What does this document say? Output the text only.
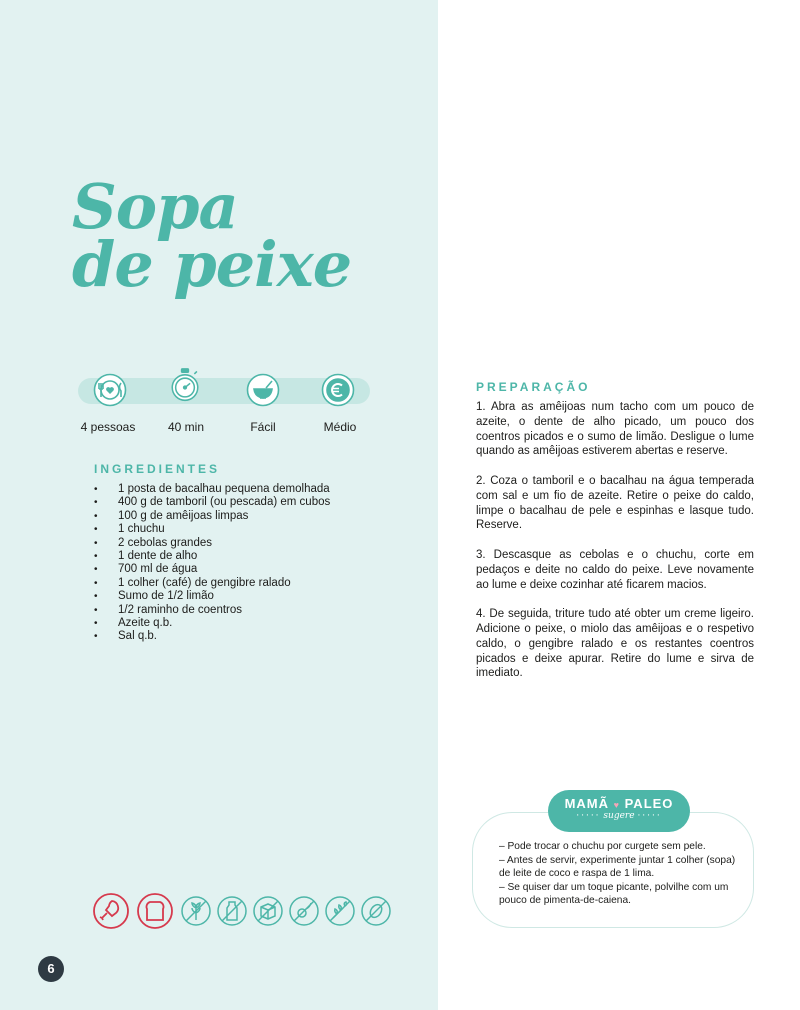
Sopa
de peixe
4 pessoas	40 min	Fácil	Médio
INGREDIENTES
• 1 posta de bacalhau pequena demolhada
• 400 g de tamboril (ou pescada) em cubos
• 100 g de amêijoas limpas
• 1 chuchu
• 2 cebolas grandes
• 1 dente de alho
• 700 ml de água
• 1 colher (café) de gengibre ralado
• Sumo de 1/2 limão
• 1/2 raminho de coentros
• Azeite q.b.
• Sal q.b.
PREPARAÇÃO

1. Abra as amêijoas num tacho com um pouco de azeite, o dente de alho picado, um pouco dos coentros picados e o sumo de limão. Desligue o lume quando as amêijoas estiverem abertas e reserve.

2. Coza o tamboril e o bacalhau na água temperada com sal e um fio de azeite. Retire o peixe do caldo, limpe o bacalhau de pele e espinhas e lasque tudo. Reserve.

3. Descasque as cebolas e o chuchu, corte em pedaços e deite no caldo do peixe. Leve novamente ao lume e deixe cozinhar até ficarem macios.

4. De seguida, triture tudo até obter um creme ligeiro. Adicione o peixe, o miolo das amêijoas e o respetivo caldo, o gengibre ralado e os restantes coentros picados e deixe apurar. Retire do lume e sirva de imediato.

MAMÃ ♥ PALEO
····· sugere ·····
– Pode trocar o chuchu por curgete sem pele.
– Antes de servir, experimente juntar 1 colher (sopa) de leite de coco e raspa de 1 lima.
– Se quiser dar um toque picante, polvilhe com um pouco de pimenta-de-caiena.
6
